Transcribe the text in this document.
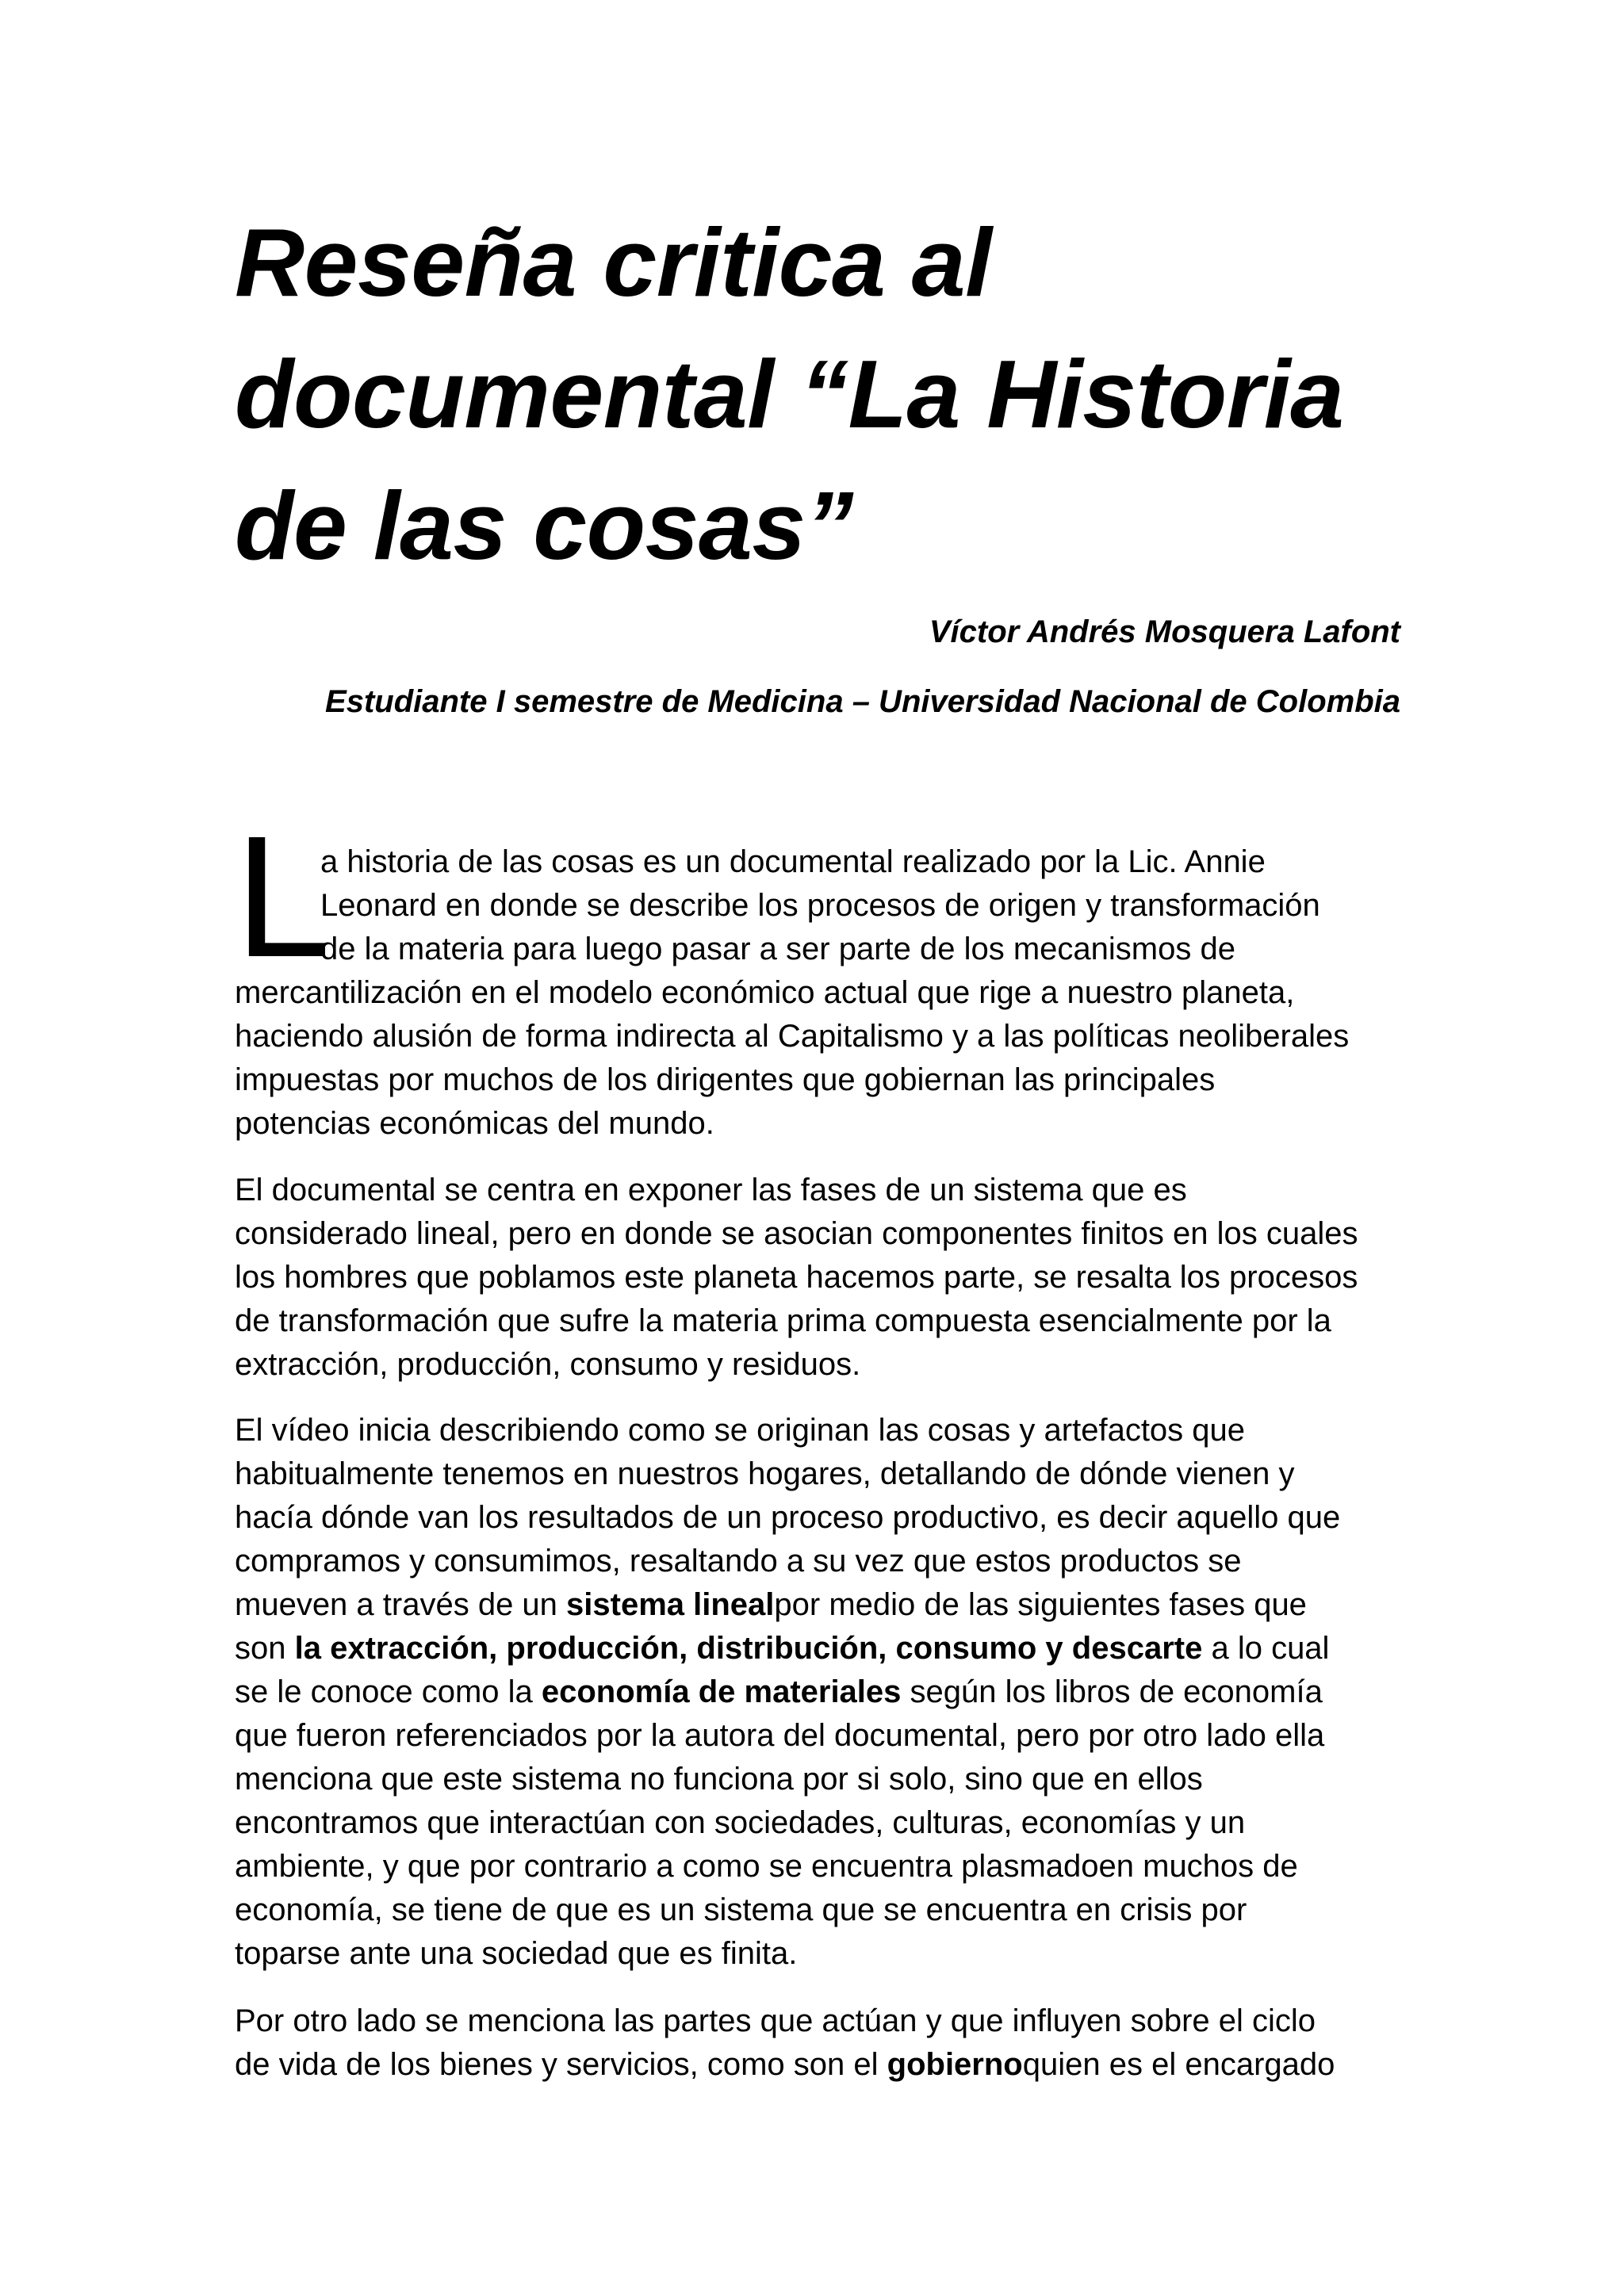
Reseña critica al
documental “La Historia
de las cosas”

Víctor Andrés Mosquera Lafont

Estudiante I semestre de Medicina – Universidad Nacional de Colombia

L
a historia de las cosas es un documental realizado por la Lic. Annie
Leonard en donde se describe los procesos de origen y transformación
de la materia para luego pasar a ser parte de los mecanismos de
mercantilización en el modelo económico actual que rige a nuestro planeta,
haciendo alusión de forma indirecta al Capitalismo y a las políticas neoliberales
impuestas por muchos de los dirigentes que gobiernan las principales
potencias económicas del mundo.
El documental se centra en exponer las fases de un sistema que es
considerado lineal, pero en donde se asocian componentes finitos en los cuales
los hombres que poblamos este planeta hacemos parte, se resalta los procesos
de transformación que sufre la materia prima compuesta esencialmente por la
extracción, producción, consumo y residuos.
El vídeo inicia describiendo como se originan las cosas y artefactos que
habitualmente tenemos en nuestros hogares, detallando de dónde vienen y
hacía dónde van los resultados de un proceso productivo, es decir aquello que
compramos y consumimos, resaltando a su vez que estos productos se
mueven a través de un sistema linealpor medio de las siguientes fases que
son la extracción, producción, distribución, consumo y descarte a lo cual
se le conoce como la economía de materiales según los libros de economía
que fueron referenciados por la autora del documental, pero por otro lado ella
menciona que este sistema no funciona por si solo, sino que en ellos
encontramos que interactúan con sociedades, culturas, economías y un
ambiente, y que por contrario a como se encuentra plasmadoen muchos de
economía, se tiene de que es un sistema que se encuentra en crisis por
toparse ante una sociedad que es finita.
Por otro lado se menciona las partes que actúan y que influyen sobre el ciclo
de vida de los bienes y servicios, como son el gobiernoquien es el encargado
